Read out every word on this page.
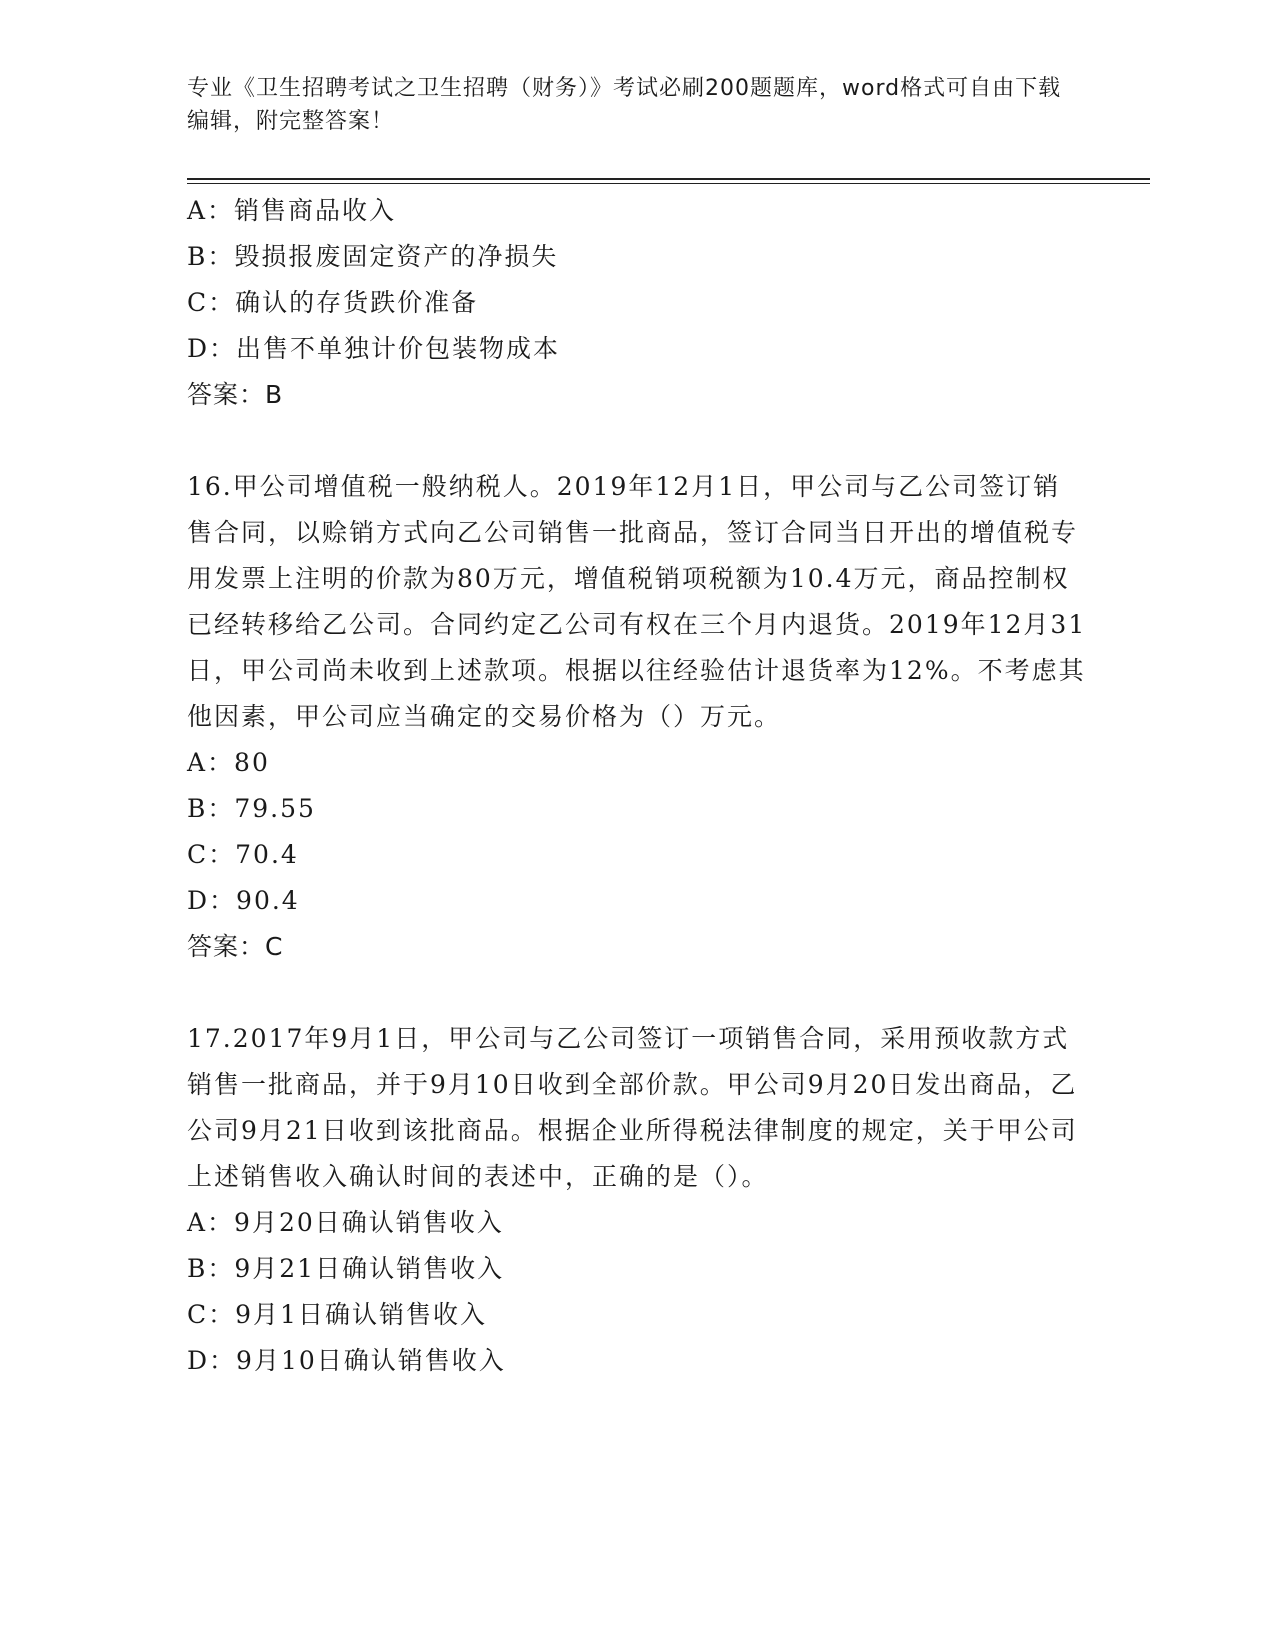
专业《卫生招聘考试之卫生招聘（财务）》考试必刷200题题库，word格式可自由下载编辑，附完整答案！
A：销售商品收入
B：毁损报废固定资产的净损失
C：确认的存货跌价准备
D：出售不单独计价包装物成本
答案：B
16.甲公司增值税一般纳税人。2019年12月1日，甲公司与乙公司签订销售合同，以赊销方式向乙公司销售一批商品，签订合同当日开出的增值税专用发票上注明的价款为80万元，增值税销项税额为10.4万元，商品控制权已经转移给乙公司。合同约定乙公司有权在三个月内退货。2019年12月31日，甲公司尚未收到上述款项。根据以往经验估计退货率为12%。不考虑其他因素，甲公司应当确定的交易价格为（）万元。
A：80
B：79.55
C：70.4
D：90.4
答案：C
17.2017年9月1日，甲公司与乙公司签订一项销售合同，采用预收款方式销售一批商品，并于9月10日收到全部价款。甲公司9月20日发出商品，乙公司9月21日收到该批商品。根据企业所得税法律制度的规定，关于甲公司上述销售收入确认时间的表述中，正确的是（）。
A：9月20日确认销售收入
B：9月21日确认销售收入
C：9月1日确认销售收入
D：9月10日确认销售收入
